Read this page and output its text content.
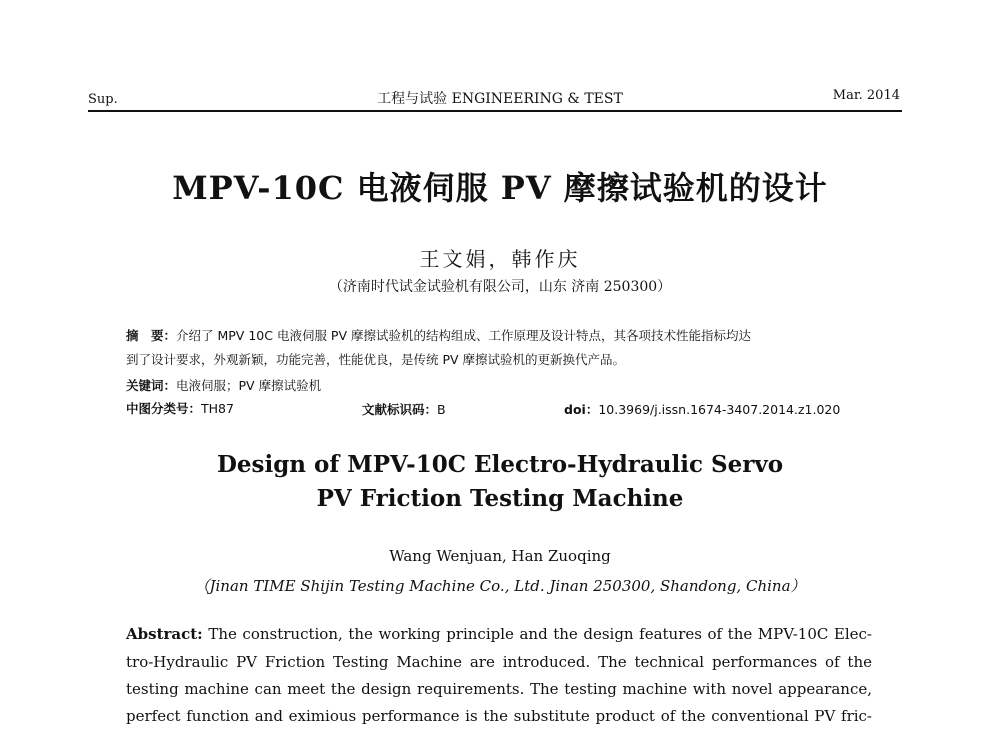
Sup.	工程与试验 ENGINEERING & TEST	Mar. 2014
MPV-10C 电液伺服 PV 摩擦试验机的设计
王文娟，韩作庆
（济南时代试金试验机有限公司，山东 济南 250300）
摘　要：介绍了 MPV 10C 电液伺服 PV 摩擦试验机的结构组成、工作原理及设计特点，其各项技术性能指标均达
到了设计要求，外观新颖，功能完善，性能优良，是传统 PV 摩擦试验机的更新换代产品。
关键词：电液伺服；PV 摩擦试验机
中图分类号：TH87	文献标识码：B	doi：10.3969/j.issn.1674-3407.2014.z1.020
Design of MPV-10C Electro-Hydraulic Servo
PV Friction Testing Machine
Wang Wenjuan, Han Zuoqing
（Jinan TIME Shijin Testing Machine Co., Ltd. Jinan 250300, Shandong, China）
Abstract: The construction, the working principle and the design features of the MPV-10C Elec-
tro-Hydraulic PV Friction Testing Machine are introduced. The technical performances of the
testing machine can meet the design requirements. The testing machine with novel appearance,
perfect function and eximious performance is the substitute product of the conventional PV fric-
